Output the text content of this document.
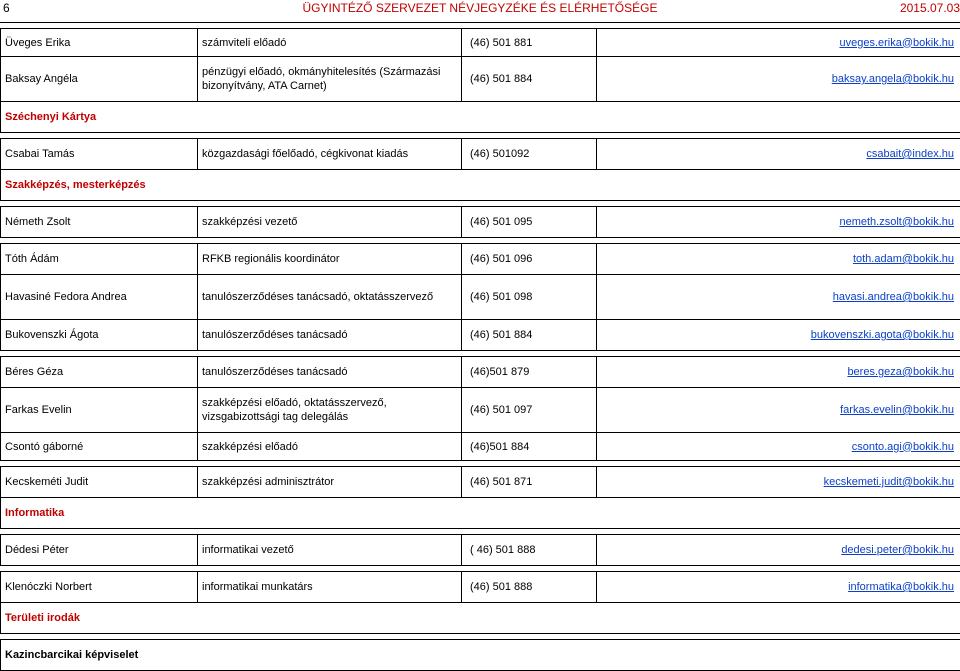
6	ÜGYINTÉZŐ SZERVEZET NÉVJEGYZÉKE ÉS ELÉRHETŐSÉGE	2015.07.03
Üveges Erika	számviteli előadó	(46) 501 881	uveges.erika@bokik.hu
Baksay Angéla	pénzügyi előadó, okmányhitelesítés (Származási bizonyítvány, ATA Carnet)	(46) 501 884	baksay.angela@bokik.hu
Széchenyi Kártya			

Csabai Tamás	közgazdasági főelőadó, cégkivonat kiadás	(46) 501092	csabait@index.hu
Szakképzés, mesterképzés			

Németh Zsolt	szakképzési vezető	(46) 501 095	nemeth.zsolt@bokik.hu

Tóth Ádám	RFKB regionális koordinátor	(46) 501 096	toth.adam@bokik.hu
Havasiné Fedora Andrea	tanulószerződéses tanácsadó, oktatásszervező	(46) 501 098	havasi.andrea@bokik.hu
Bukovenszki Ágota	tanulószerződéses tanácsadó	(46) 501 884	bukovenszki.agota@bokik.hu

Béres Géza	tanulószerződéses tanácsadó	(46)501 879	beres.geza@bokik.hu
Farkas Evelin	szakképzési előadó, oktatásszervező, vizsgabizottsági tag delegálás	(46) 501 097	farkas.evelin@bokik.hu
Csontó gáborné	szakképzési előadó	(46)501 884	csonto.agi@bokik.hu

Kecskeméti Judit	szakképzési adminisztrátor	(46) 501 871	kecskemeti.judit@bokik.hu
Informatika			

Dédesi Péter	informatikai vezető	( 46) 501 888	dedesi.peter@bokik.hu

Klenóczki Norbert	informatikai munkatárs	(46) 501 888	informatika@bokik.hu
Területi irodák			

Kazincbarcikai képviselet			
